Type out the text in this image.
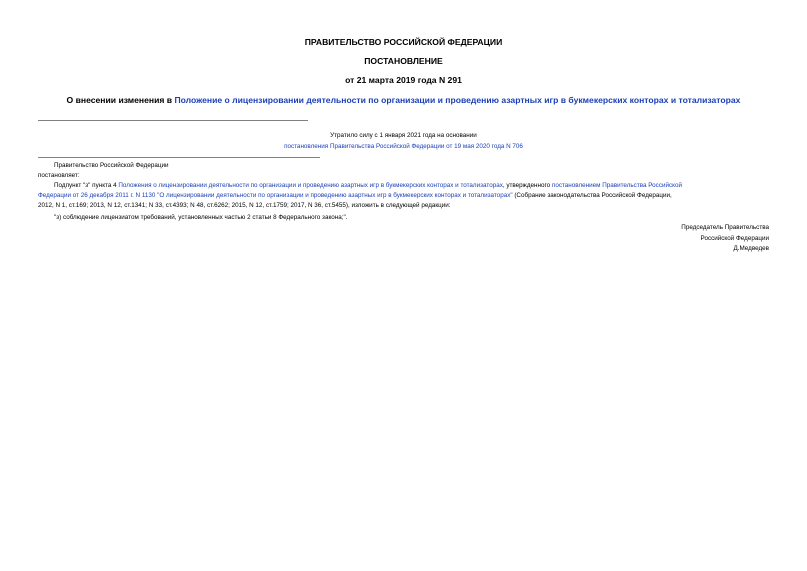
ПРАВИТЕЛЬСТВО РОССИЙСКОЙ ФЕДЕРАЦИИ
ПОСТАНОВЛЕНИЕ
от 21 марта 2019 года N 291
О внесении изменения в Положение о лицензировании деятельности по организации и проведению азартных игр в букмекерских конторах и тотализаторах
Утратило силу с 1 января 2021 года на основании
постановления Правительства Российской Федерации от 19 мая 2020 года N 706
Правительство Российской Федерации
постановляет:
Подпункт "з" пункта 4 Положения о лицензировании деятельности по организации и проведению азартных игр в букмекерских конторах и тотализаторах, утвержденного постановлением Правительства Российской
Федерации от 26 декабря 2011 г. N 1130 "О лицензировании деятельности по организации и проведению азартных игр в букмекерских конторах и тотализаторах" (Собрание законодательства Российской Федерации,
2012, N 1, ст.169; 2013, N 12, ст.1341; N 33, ст.4393; N 48, ст.6262; 2015, N 12, ст.1759; 2017, N 36, ст.5455), изложить в следующей редакции:
"з) соблюдение лицензиатом требований, установленных частью 2 статьи 8 Федерального закона;".
Председатель Правительства
Российской Федерации
Д.Медведев
